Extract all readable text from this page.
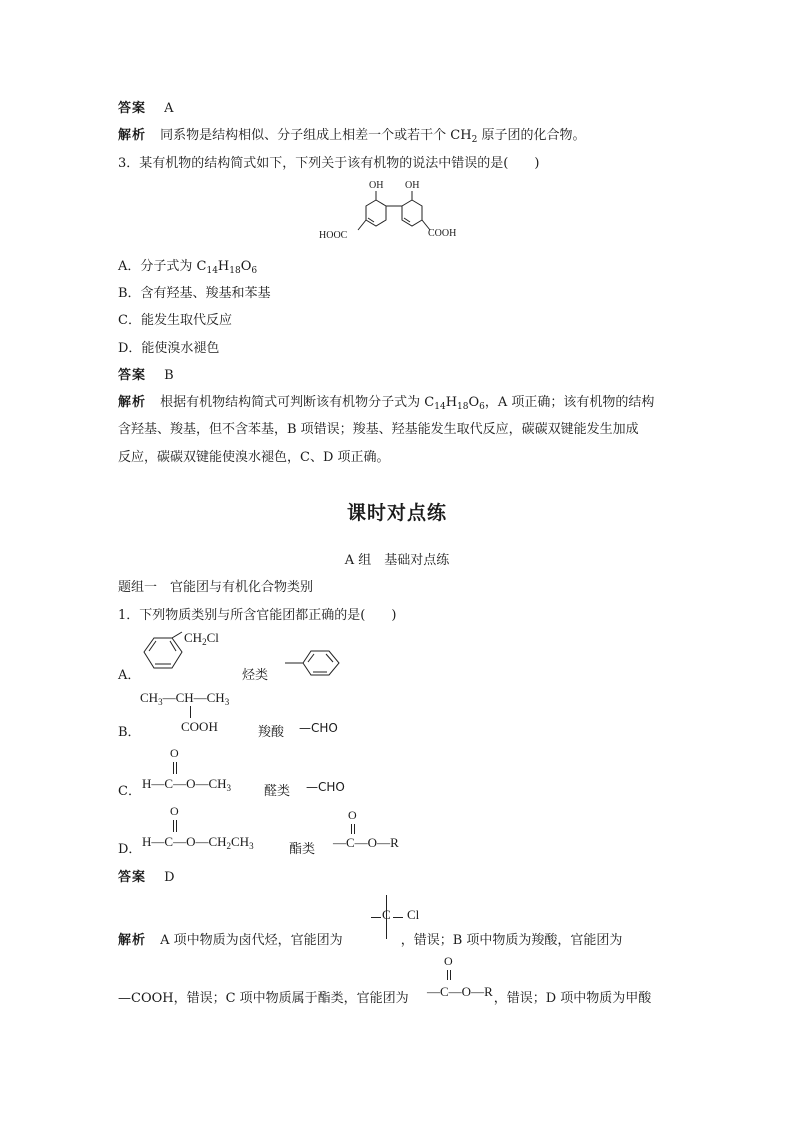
答案 A
解析 同系物是结构相似、分子组成上相差一个或若干个 $CH_2$ 原子团的化合物。
3．某有机物的结构简式如下，下列关于该有机物的说法中错误的是(　　)
OH OH
HOOC	COOH
A．分子式为 $C_{14}H_{18}O_6$
B．含有羟基、羧基和苯基
C．能发生取代反应
D．能使溴水褪色
答案 B
解析 根据有机物结构简式可判断该有机物分子式为 $C_{14}H_{18}O_6$，A 项正确；该有机物的结构
含羟基、羧基，但不含苯基，B 项错误；羧基、羟基能发生取代反应，碳碳双键能发生加成
反应，碳碳双键能使溴水褪色，C、D 项正确。
课时对点练
A 组　基础对点练
题组一　官能团与有机化合物类别
1．下列物质类别与所含官能团都正确的是(　　)
A．
$CH_2Cl$
烃类
B．
$CH_3—CH—CH_3$
COOH	羧酸 —CHO
C．
O
$H—C—O—CH_3$	醛类 —CHO
D．
O
$H—C—O—CH_2CH_3$	酯类
O
—C—O—R
答案 D
解析 A 项中物质为卤代烃，官能团为	，错误；B 项中物质为羧酸，官能团为
C Cl
—COOH，错误；C 项中物质属于酯类，官能团为	，错误；D 项中物质为甲酸
O
—C—O—R
